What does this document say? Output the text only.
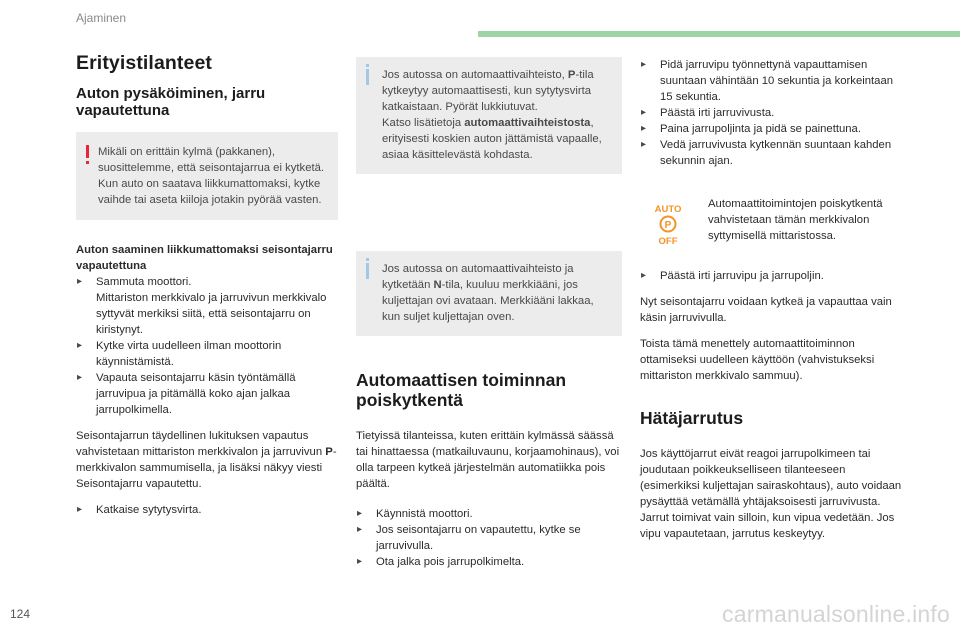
Ajaminen
Erityistilanteet
Auton pysäköiminen, jarru vapautettuna
Mikäli on erittäin kylmä (pakkanen), suosittelemme, että seisontajarrua ei kytketä.
Kun auto on saatava liikkumattomaksi, kytke vaihde tai aseta kiiloja jotakin pyörää vasten.
Auton saaminen liikkumattomaksi seisontajarru vapautettuna
▸ Sammuta moottori.
Mittariston merkkivalo ja jarruvivun merkkivalo syttyvät merkiksi siitä, että seisontajarru on kiristynyt.
▸ Kytke virta uudelleen ilman moottorin käynnistämistä.
▸ Vapauta seisontajarru käsin työntämällä jarruvipua ja pitämällä koko ajan jalkaa jarrupolkimella.
Seisontajarrun täydellinen lukituksen vapautus vahvistetaan mittariston merkkivalon ja jarruvivun P-merkkivalon sammumisella, ja lisäksi näkyy viesti Seisontajarru vapautettu.
▸ Katkaise sytytysvirta.
Jos autossa on automaattivaihteisto, P-tila kytkeytyy automaattisesti, kun sytytysvirta katkaistaan. Pyörät lukkiutuvat.
Katso lisätietoja automaattivaihteistosta, erityisesti koskien auton jättämistä vapaalle, asiaa käsittelevästä kohdasta.
Jos autossa on automaattivaihteisto ja kytketään N-tila, kuuluu merkkiääni, jos kuljettajan ovi avataan. Merkkiääni lakkaa, kun suljet kuljettajan oven.
Automaattisen toiminnan poiskytkentä
Tietyissä tilanteissa, kuten erittäin kylmässä säässä tai hinattaessa (matkailuvaunu, korjaamohinaus), voi olla tarpeen kytkeä järjestelmän automatiikka pois päältä.
▸ Käynnistä moottori.
▸ Jos seisontajarru on vapautettu, kytke se jarruvivulla.
▸ Ota jalka pois jarrupolkimelta.
▸ Pidä jarruvipu työnnettynä vapauttamisen suuntaan vähintään 10 sekuntia ja korkeintaan 15 sekuntia.
▸ Päästä irti jarruvivusta.
▸ Paina jarrupoljinta ja pidä se painettuna.
▸ Vedä jarruvivusta kytkennän suuntaan kahden sekunnin ajan.
AUTO
P
OFF
Automaattitoimintojen poiskytkentä vahvistetaan tämän merkkivalon syttymisellä mittaristossa.
▸ Päästä irti jarruvipu ja jarrupoljin.
Nyt seisontajarru voidaan kytkeä ja vapauttaa vain käsin jarruvivulla.
Toista tämä menettely automaattitoiminnon ottamiseksi uudelleen käyttöön (vahvistukseksi mittariston merkkivalo sammuu).
Hätäjarrutus
Jos käyttöjarrut eivät reagoi jarrupolkimeen tai joudutaan poikkeukselliseen tilanteeseen (esimerkiksi kuljettajan sairaskohtaus), auto voidaan pysäyttää vetämällä yhtäjaksoisesti jarruvivusta. Jarrut toimivat vain silloin, kun vipua vedetään. Jos vipu vapautetaan, jarrutus keskeytyy.
124	carmanualsonline.info
